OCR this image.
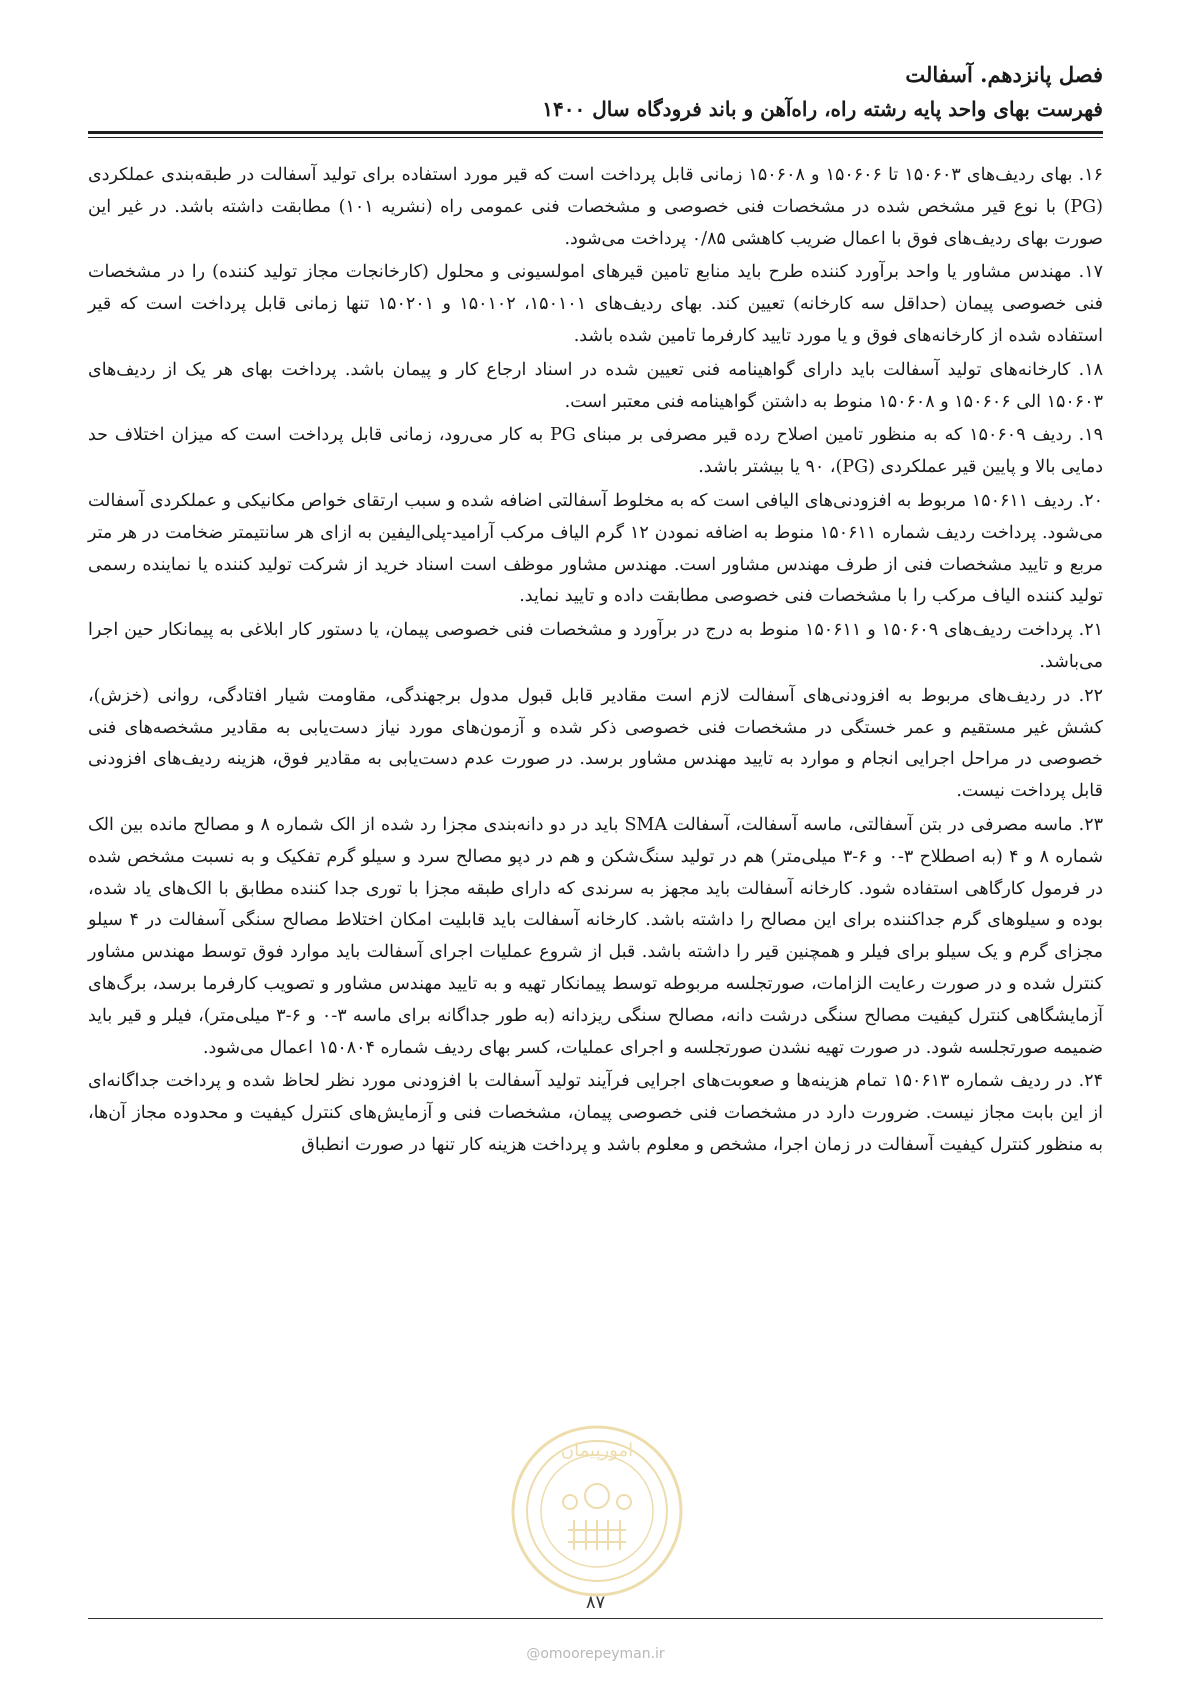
فصل پانزدهم. آسفالت
فهرست بهای واحد پایه رشته راه، راه‌آهن و باند فرودگاه سال ۱۴۰۰

۱۶. بهای ردیف‌های ۱۵۰۶۰۳ تا ۱۵۰۶۰۶ و ۱۵۰۶۰۸ زمانی قابل پرداخت است که قیر مورد استفاده برای تولید آسفالت در طبقه‌بندی عملکردی (PG) با نوع قیر مشخص شده در مشخصات فنی خصوصی و مشخصات فنی عمومی راه (نشریه ۱۰۱) مطابقت داشته باشد. در غیر این صورت بهای ردیف‌های فوق با اعمال ضریب کاهشی ۰/۸۵ پرداخت می‌شود.

۱۷. مهندس مشاور یا واحد برآورد کننده طرح باید منابع تامین قیرهای امولسیونی و محلول (کارخانجات مجاز تولید کننده) را در مشخصات فنی خصوصی پیمان (حداقل سه کارخانه) تعیین کند. بهای ردیف‌های ۱۵۰۱۰۱، ۱۵۰۱۰۲ و ۱۵۰۲۰۱ تنها زمانی قابل پرداخت است که قیر استفاده شده از کارخانه‌های فوق و یا مورد تایید کارفرما تامین شده باشد.

۱۸. کارخانه‌های تولید آسفالت باید دارای گواهینامه فنی تعیین شده در اسناد ارجاع کار و پیمان باشد. پرداخت بهای هر یک از ردیف‌های ۱۵۰۶۰۳ الی ۱۵۰۶۰۶ و ۱۵۰۶۰۸ منوط به داشتن گواهینامه فنی معتبر است.

۱۹. ردیف ۱۵۰۶۰۹ که به منظور تامین اصلاح رده قیر مصرفی بر مبنای PG به کار می‌رود، زمانی قابل پرداخت است که میزان اختلاف حد دمایی بالا و پایین قیر عملکردی (PG)، ۹۰ یا بیشتر باشد.

۲۰. ردیف ۱۵۰۶۱۱ مربوط به افزودنی‌های الیافی است که به مخلوط آسفالتی اضافه شده و سبب ارتقای خواص مکانیکی و عملکردی آسفالت می‌شود. پرداخت ردیف شماره ۱۵۰۶۱۱ منوط به اضافه نمودن ۱۲ گرم الیاف مرکب آرامید-پلی‌الیفین به ازای هر سانتیمتر ضخامت در هر متر مربع و تایید مشخصات فنی از طرف مهندس مشاور است. مهندس مشاور موظف است اسناد خرید از شرکت تولید کننده یا نماینده رسمی تولید کننده الیاف مرکب را با مشخصات فنی خصوصی مطابقت داده و تایید نماید.

۲۱. پرداخت ردیف‌های ۱۵۰۶۰۹ و ۱۵۰۶۱۱ منوط به درج در برآورد و مشخصات فنی خصوصی پیمان، یا دستور کار ابلاغی به پیمانکار حین اجرا می‌باشد.

۲۲. در ردیف‌های مربوط به افزودنی‌های آسفالت لازم است مقادیر قابل قبول مدول برجهندگی، مقاومت شیار افتادگی، روانی (خزش)، کشش غیر مستقیم و عمر خستگی در مشخصات فنی خصوصی ذکر شده و آزمون‌های مورد نیاز دست‌یابی به مقادیر مشخصه‌های فنی خصوصی در مراحل اجرایی انجام و موارد به تایید مهندس مشاور برسد. در صورت عدم دست‌یابی به مقادیر فوق، هزینه ردیف‌های افزودنی قابل پرداخت نیست.

۲۳. ماسه مصرفی در بتن آسفالتی، ماسه آسفالت، آسفالت SMA باید در دو دانه‌بندی مجزا رد شده از الک شماره ۸ و مصالح مانده بین الک شماره ۸ و ۴ (به اصطلاح ۳-۰ و ۶-۳ میلی‌متر) هم در تولید سنگ‌شکن و هم در دپو مصالح سرد و سیلو گرم تفکیک و به نسبت مشخص شده در فرمول کارگاهی استفاده شود. کارخانه آسفالت باید مجهز به سرندی که دارای طبقه مجزا با توری جدا کننده مطابق با الک‌های یاد شده، بوده و سیلوهای گرم جداکننده برای این مصالح را داشته باشد. کارخانه آسفالت باید قابلیت امکان اختلاط مصالح سنگی آسفالت در ۴ سیلو مجزای گرم و یک سیلو برای فیلر و همچنین قیر را داشته باشد. قبل از شروع عملیات اجرای آسفالت باید موارد فوق توسط مهندس مشاور کنترل شده و در صورت رعایت الزامات، صورتجلسه مربوطه توسط پیمانکار تهیه و به تایید مهندس مشاور و تصویب کارفرما برسد، برگ‌های آزمایشگاهی کنترل کیفیت مصالح سنگی درشت دانه، مصالح سنگی ریزدانه (به طور جداگانه برای ماسه ۳-۰ و ۶-۳ میلی‌متر)، فیلر و قیر باید ضمیمه صورتجلسه شود. در صورت تهیه نشدن صورتجلسه و اجرای عملیات، کسر بهای ردیف شماره ۱۵۰۸۰۴ اعمال می‌شود.

۲۴. در ردیف شماره ۱۵۰۶۱۳ تمام هزینه‌ها و صعوبت‌های اجرایی فرآیند تولید آسفالت با افزودنی مورد نظر لحاظ شده و پرداخت جداگانه‌ای از این بابت مجاز نیست. ضرورت دارد در مشخصات فنی خصوصی پیمان، مشخصات فنی و آزمایش‌های کنترل کیفیت و محدوده مجاز آن‌ها، به منظور کنترل کیفیت آسفالت در زمان اجرا، مشخص و معلوم باشد و پرداخت هزینه کار تنها در صورت انطباق

امورپیمان
۸۷
@omoorepeyman.ir
